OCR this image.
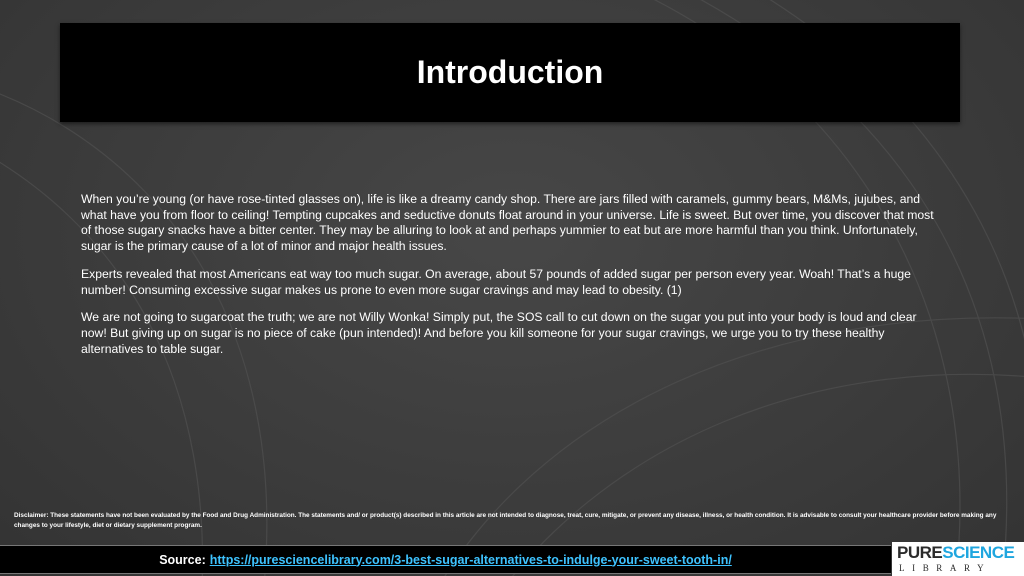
Introduction

When you’re young (or have rose-tinted glasses on), life is like a dreamy candy shop. There are jars filled with caramels, gummy bears, M&Ms, jujubes, and what have you from floor to ceiling! Tempting cupcakes and seductive donuts float around in your universe. Life is sweet. But over time, you discover that most of those sugary snacks have a bitter center. They may be alluring to look at and perhaps yummier to eat but are more harmful than you think. Unfortunately, sugar is the primary cause of a lot of minor and major health issues.

Experts revealed that most Americans eat way too much sugar. On average, about 57 pounds of added sugar per person every year. Woah! That’s a huge number! Consuming excessive sugar makes us prone to even more sugar cravings and may lead to obesity. (1)

We are not going to sugarcoat the truth; we are not Willy Wonka! Simply put, the SOS call to cut down on the sugar you put into your body is loud and clear now! But giving up on sugar is no piece of cake (pun intended)! And before you kill someone for your sugar cravings, we urge you to try these healthy alternatives to table sugar.

Disclaimer: These statements have not been evaluated by the Food and Drug Administration. The statements and/ or product(s) described in this article are not intended to diagnose, treat, cure, mitigate, or prevent any disease, illness, or health condition. It is advisable to consult your healthcare provider before making any changes to your lifestyle, diet or dietary supplement program.
Source: https://puresciencelibrary.com/3-best-sugar-alternatives-to-indulge-your-sweet-tooth-in/	PURESCIENCE
LIBRARY
